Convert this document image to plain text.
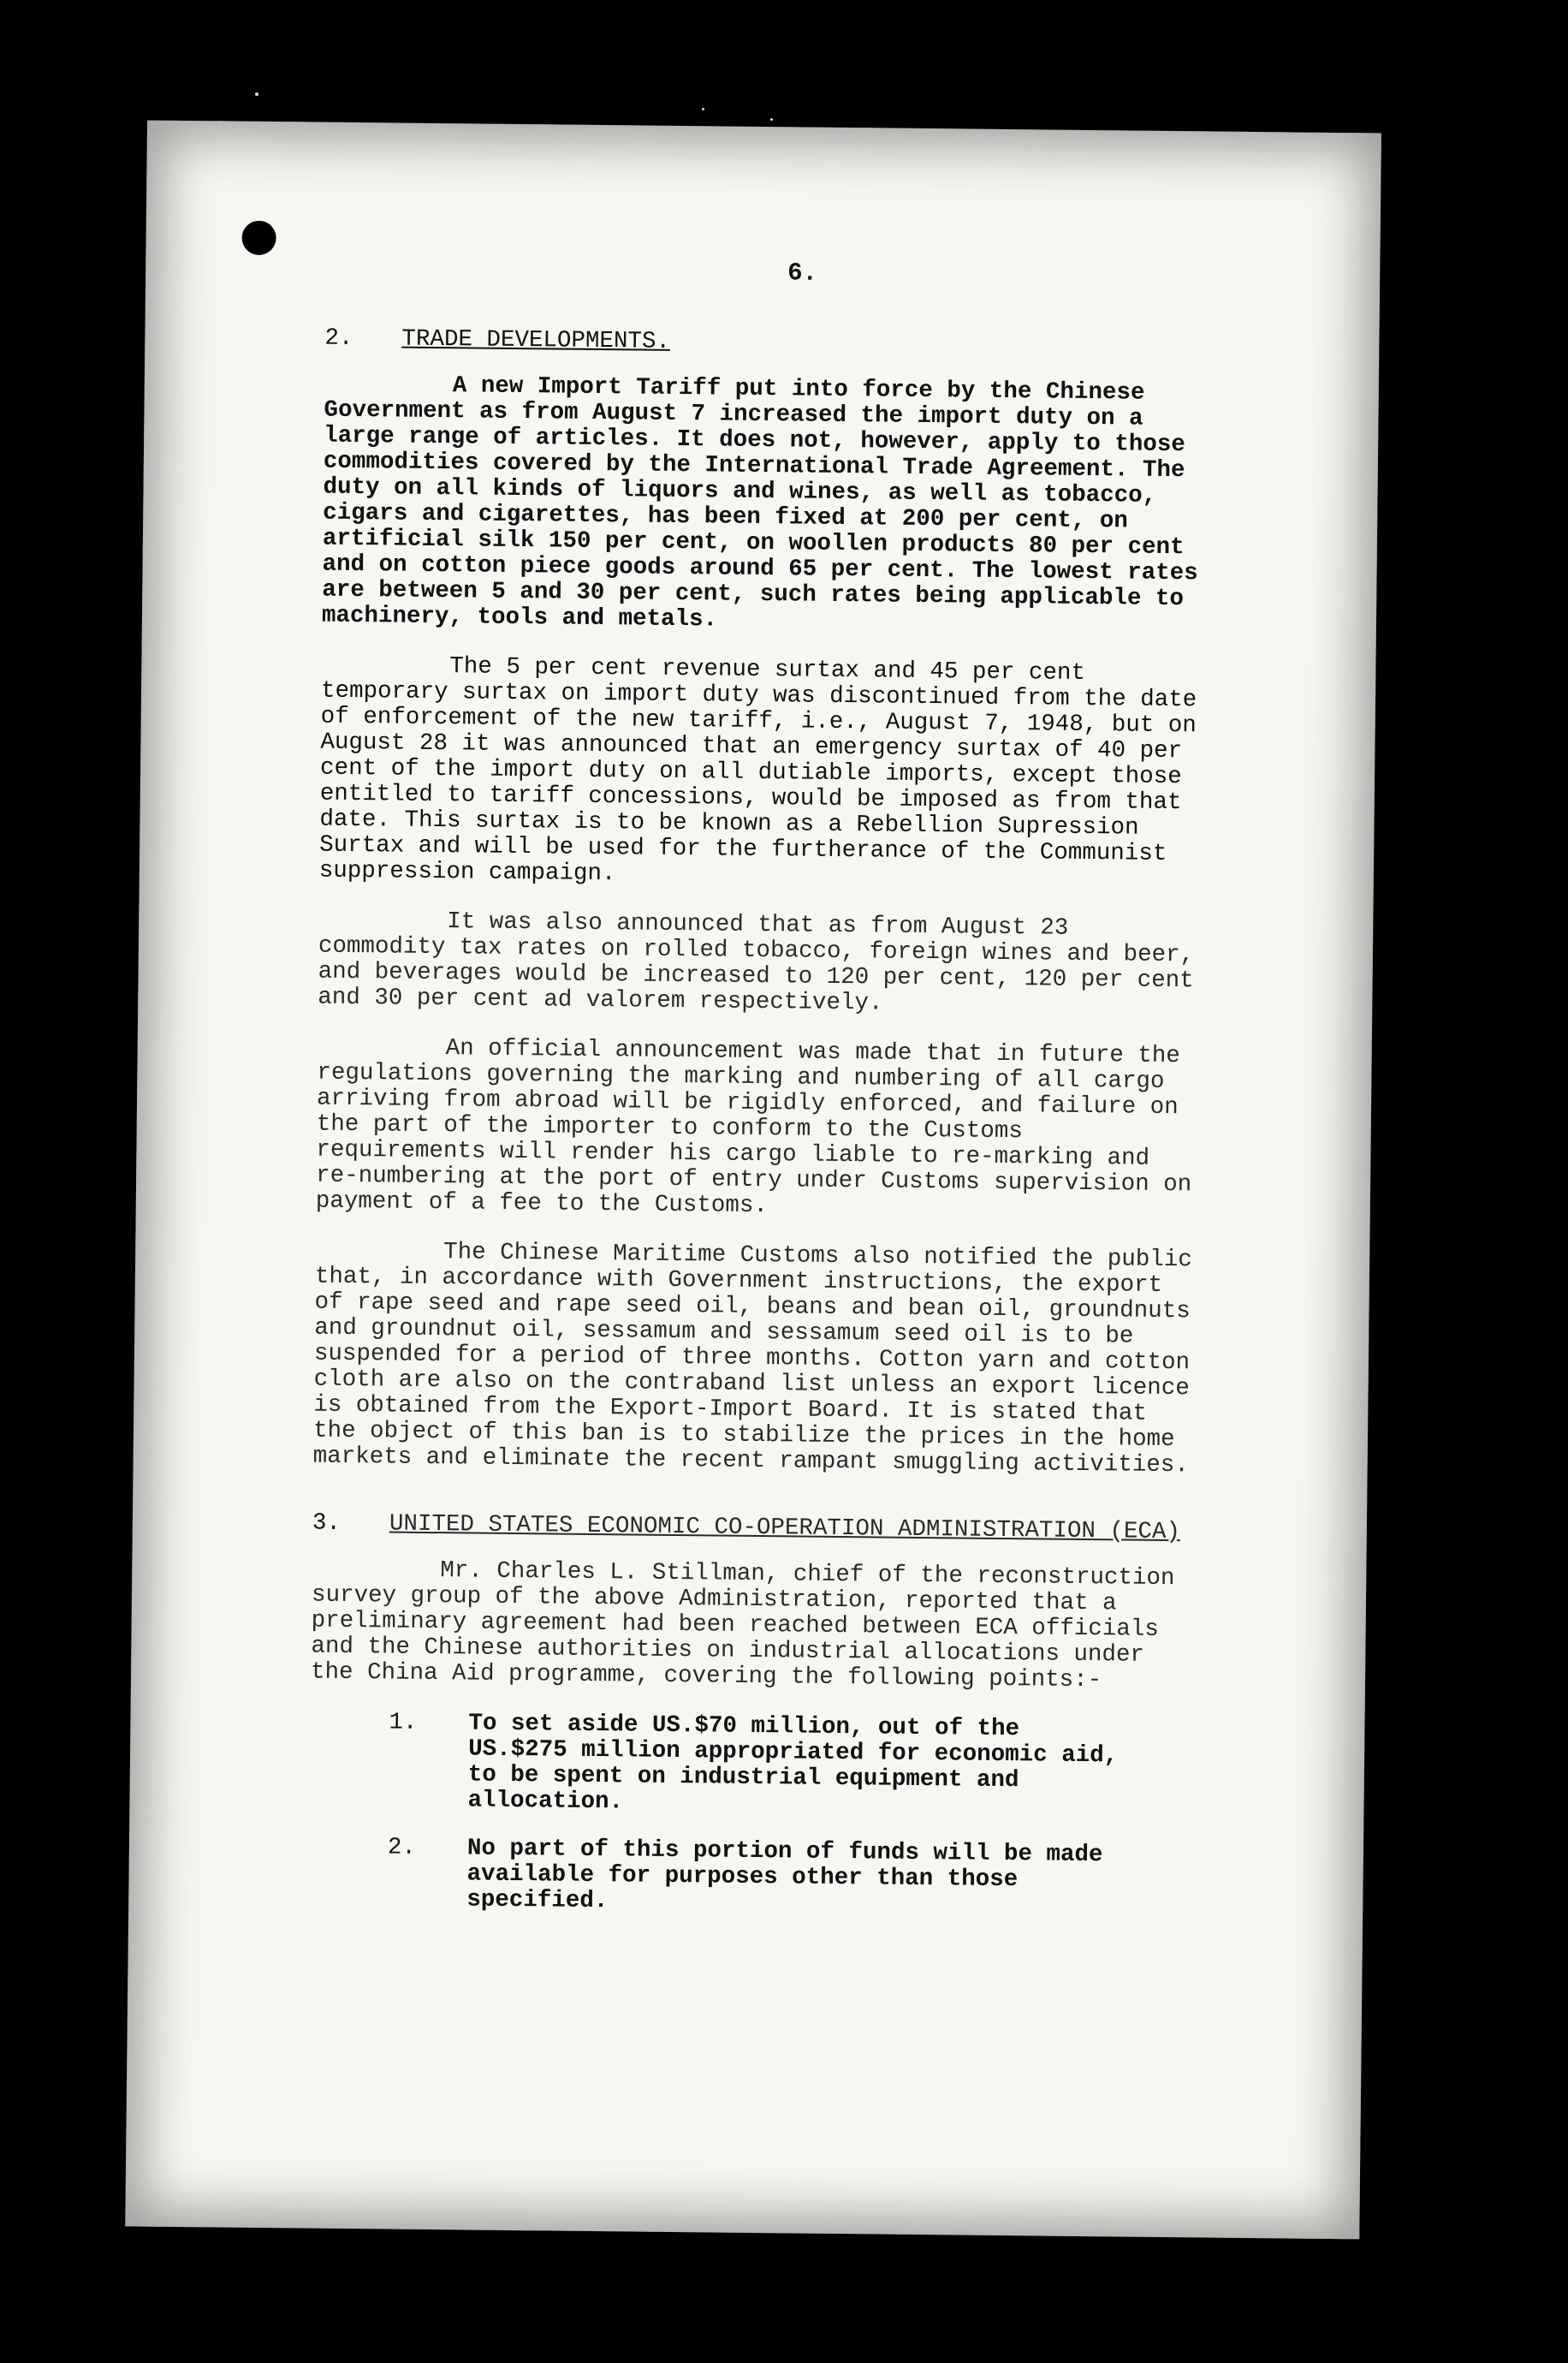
6.
2.	TRADE DEVELOPMENTS.

A new Import Tariff put into force by the Chinese Government as from August 7 increased the import duty on a large range of articles. It does not, however, apply to those commodities covered by the International Trade Agreement. The duty on all kinds of liquors and wines, as well as tobacco, cigars and cigarettes, has been fixed at 200 per cent, on artificial silk 150 per cent, on woollen products 80 per cent and on cotton piece goods around 65 per cent. The lowest rates are between 5 and 30 per cent, such rates being applicable to machinery, tools and metals.

The 5 per cent revenue surtax and 45 per cent temporary surtax on import duty was discontinued from the date of enforcement of the new tariff, i.e., August 7, 1948, but on August 28 it was announced that an emergency surtax of 40 per cent of the import duty on all dutiable imports, except those entitled to tariff concessions, would be imposed as from that date. This surtax is to be known as a Rebellion Supression Surtax and will be used for the furtherance of the Communist suppression campaign.

It was also announced that as from August 23 commodity tax rates on rolled tobacco, foreign wines and beer, and beverages would be increased to 120 per cent, 120 per cent and 30 per cent ad valorem respectively.

An official announcement was made that in future the regulations governing the marking and numbering of all cargo arriving from abroad will be rigidly enforced, and failure on the part of the importer to conform to the Customs requirements will render his cargo liable to re-marking and re-numbering at the port of entry under Customs supervision on payment of a fee to the Customs.

The Chinese Maritime Customs also notified the public that, in accordance with Government instructions, the export of rape seed and rape seed oil, beans and bean oil, groundnuts and groundnut oil, sessamum and sessamum seed oil is to be suspended for a period of three months. Cotton yarn and cotton cloth are also on the contraband list unless an export licence is obtained from the Export-Import Board. It is stated that the object of this ban is to stabilize the prices in the home markets and eliminate the recent rampant smuggling activities.

3.	UNITED STATES ECONOMIC CO-OPERATION ADMINISTRATION (ECA)

Mr. Charles L. Stillman, chief of the reconstruction survey group of the above Administration, reported that a preliminary agreement had been reached between ECA officials and the Chinese authorities on industrial allocations under the China Aid programme, covering the following points:-

1.	To set aside US.$70 million, out of the US.$275 million appropriated for economic aid, to be spent on industrial equipment and allocation.
2.	No part of this portion of funds will be made available for purposes other than those specified.
